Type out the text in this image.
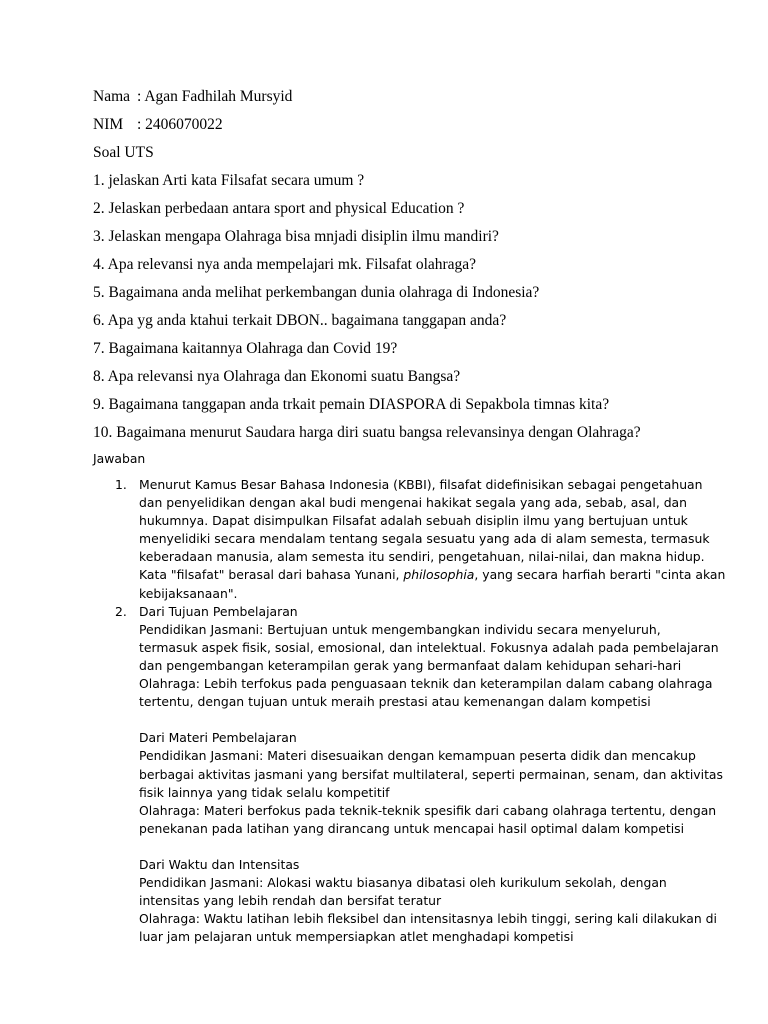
Nama : Agan Fadhilah Mursyid
NIM : 2406070022
Soal UTS
1. jelaskan Arti kata Filsafat secara umum ?
2. Jelaskan perbedaan antara sport and physical Education ?
3. Jelaskan mengapa Olahraga bisa mnjadi disiplin ilmu mandiri?
4. Apa relevansi nya anda mempelajari mk. Filsafat olahraga?
5. Bagaimana anda melihat perkembangan dunia olahraga di Indonesia?
6. Apa yg anda ktahui terkait DBON.. bagaimana tanggapan anda?
7. Bagaimana kaitannya Olahraga dan Covid 19?
8. Apa relevansi nya Olahraga dan Ekonomi suatu Bangsa?
9. Bagaimana tanggapan anda trkait pemain DIASPORA di Sepakbola timnas kita?
10. Bagaimana menurut Saudara harga diri suatu bangsa relevansinya dengan Olahraga?
Jawaban
1. Menurut Kamus Besar Bahasa Indonesia (KBBI), filsafat didefinisikan sebagai pengetahuan
dan penyelidikan dengan akal budi mengenai hakikat segala yang ada, sebab, asal, dan
hukumnya. Dapat disimpulkan Filsafat adalah sebuah disiplin ilmu yang bertujuan untuk
menyelidiki secara mendalam tentang segala sesuatu yang ada di alam semesta, termasuk
keberadaan manusia, alam semesta itu sendiri, pengetahuan, nilai-nilai, dan makna hidup.
Kata "filsafat" berasal dari bahasa Yunani, philosophia, yang secara harfiah berarti "cinta akan
kebijaksanaan".
2. Dari Tujuan Pembelajaran
Pendidikan Jasmani: Bertujuan untuk mengembangkan individu secara menyeluruh,
termasuk aspek fisik, sosial, emosional, dan intelektual. Fokusnya adalah pada pembelajaran
dan pengembangan keterampilan gerak yang bermanfaat dalam kehidupan sehari-hari
Olahraga: Lebih terfokus pada penguasaan teknik dan keterampilan dalam cabang olahraga
tertentu, dengan tujuan untuk meraih prestasi atau kemenangan dalam kompetisi
Dari Materi Pembelajaran
Pendidikan Jasmani: Materi disesuaikan dengan kemampuan peserta didik dan mencakup
berbagai aktivitas jasmani yang bersifat multilateral, seperti permainan, senam, dan aktivitas
fisik lainnya yang tidak selalu kompetitif
Olahraga: Materi berfokus pada teknik-teknik spesifik dari cabang olahraga tertentu, dengan
penekanan pada latihan yang dirancang untuk mencapai hasil optimal dalam kompetisi
Dari Waktu dan Intensitas
Pendidikan Jasmani: Alokasi waktu biasanya dibatasi oleh kurikulum sekolah, dengan
intensitas yang lebih rendah dan bersifat teratur
Olahraga: Waktu latihan lebih fleksibel dan intensitasnya lebih tinggi, sering kali dilakukan di
luar jam pelajaran untuk mempersiapkan atlet menghadapi kompetisi
